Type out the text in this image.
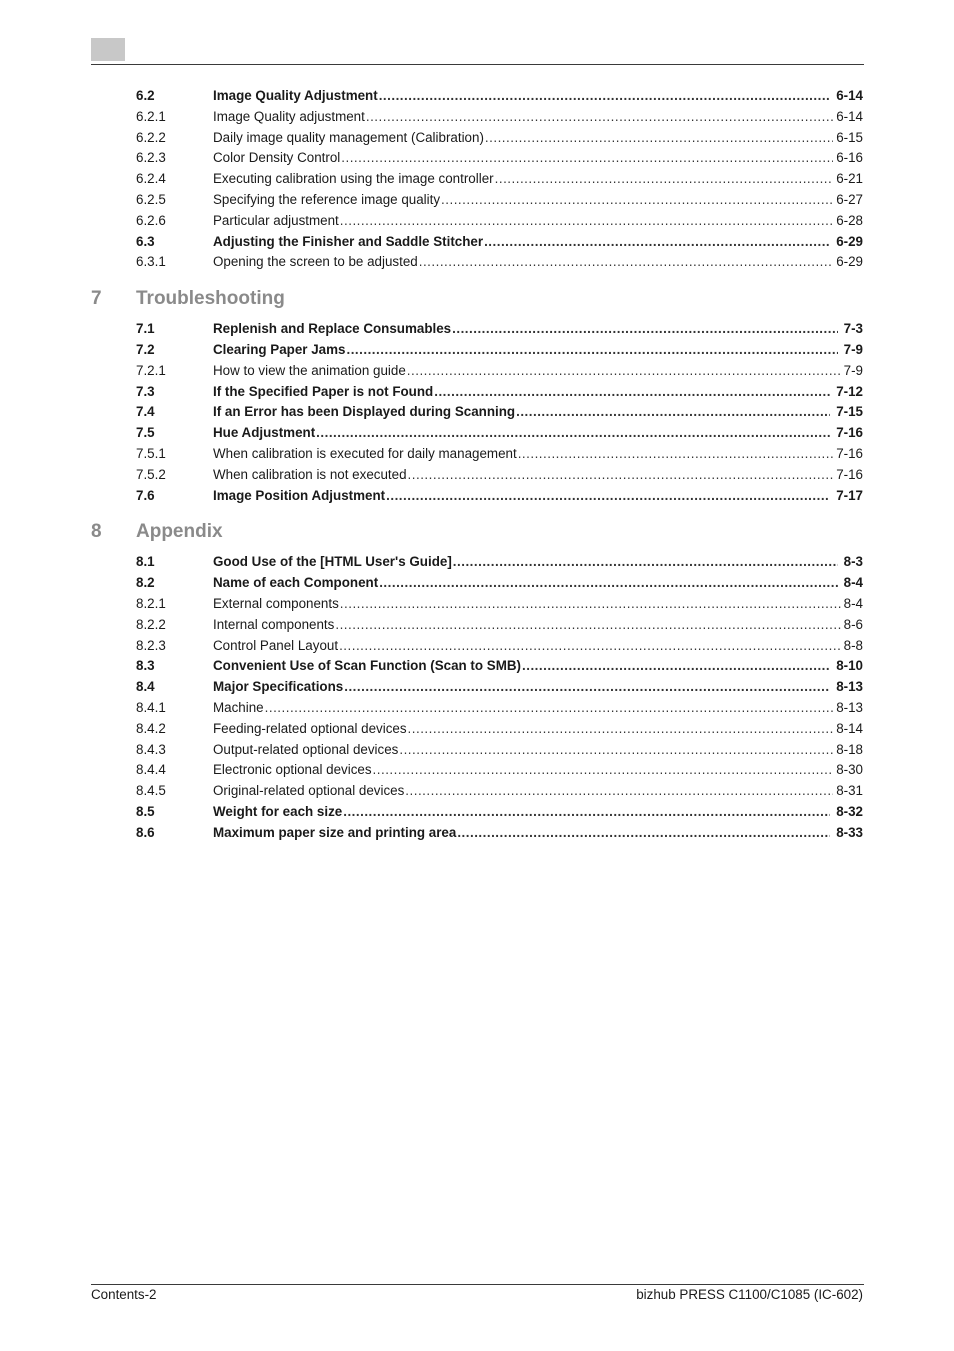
6.2	Image Quality Adjustment .....	6-14
6.2.1	Image Quality adjustment .....	6-14
6.2.2	Daily image quality management (Calibration) .....	6-15
6.2.3	Color Density Control .....	6-16
6.2.4	Executing calibration using the image controller .....	6-21
6.2.5	Specifying the reference image quality .....	6-27
6.2.6	Particular adjustment .....	6-28
6.3	Adjusting the Finisher and Saddle Stitcher .....	6-29
6.3.1	Opening the screen to be adjusted .....	6-29
7 Troubleshooting
7.1	Replenish and Replace Consumables .....	7-3
7.2	Clearing Paper Jams .....	7-9
7.2.1	How to view the animation guide .....	7-9
7.3	If the Specified Paper is not Found .....	7-12
7.4	If an Error has been Displayed during Scanning .....	7-15
7.5	Hue Adjustment .....	7-16
7.5.1	When calibration is executed for daily management .....	7-16
7.5.2	When calibration is not executed .....	7-16
7.6	Image Position Adjustment .....	7-17
8 Appendix
8.1	Good Use of the [HTML User's Guide] .....	8-3
8.2	Name of each Component .....	8-4
8.2.1	External components .....	8-4
8.2.2	Internal components .....	8-6
8.2.3	Control Panel Layout .....	8-8
8.3	Convenient Use of Scan Function (Scan to SMB) .....	8-10
8.4	Major Specifications .....	8-13
8.4.1	Machine .....	8-13
8.4.2	Feeding-related optional devices .....	8-14
8.4.3	Output-related optional devices .....	8-18
8.4.4	Electronic optional devices .....	8-30
8.4.5	Original-related optional devices .....	8-31
8.5	Weight for each size .....	8-32
8.6	Maximum paper size and printing area .....	8-33
Contents-2	bizhub PRESS C1100/C1085 (IC-602)
